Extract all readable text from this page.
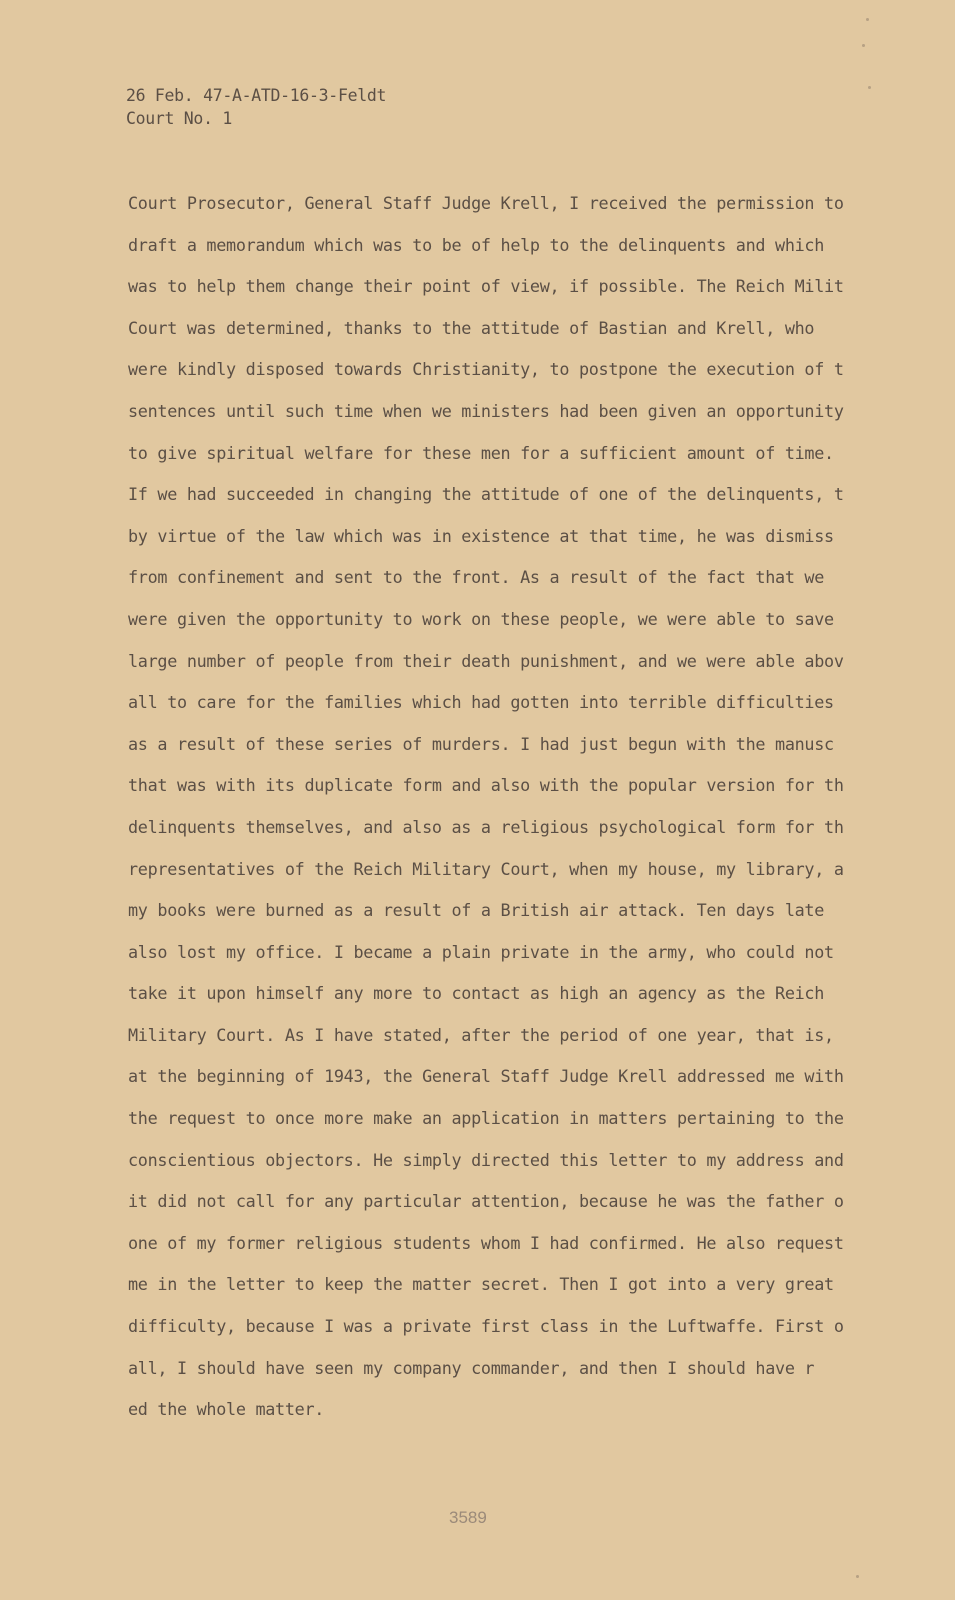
26 Feb. 47-A-ATD-16-3-Feldt
Court No. 1
Court Prosecutor, General Staff Judge Krell, I received the permission to
draft a memorandum which was to be of help to the delinquents and which
was to help them change their point of view, if possible. The Reich Milit
Court was determined, thanks to the attitude of Bastian and Krell, who
were kindly disposed towards Christianity, to postpone the execution of t
sentences until such time when we ministers had been given an opportunity
to give spiritual welfare for these men for a sufficient amount of time.
If we had succeeded in changing the attitude of one of the delinquents, t
by virtue of the law which was in existence at that time, he was dismiss
from confinement and sent to the front. As a result of the fact that we
were given the opportunity to work on these people, we were able to save
large number of people from their death punishment, and we were able abov
all to care for the families which had gotten into terrible difficulties
as a result of these series of murders. I had just begun with the manusc
that was with its duplicate form and also with the popular version for th
delinquents themselves, and also as a religious psychological form for th
representatives of the Reich Military Court, when my house, my library, a
my books were burned as a result of a British air attack. Ten days late
also lost my office. I became a plain private in the army, who could not
take it upon himself any more to contact as high an agency as the Reich
Military Court. As I have stated, after the period of one year, that is,
at the beginning of 1943, the General Staff Judge Krell addressed me with
the request to once more make an application in matters pertaining to the
conscientious objectors. He simply directed this letter to my address and
it did not call for any particular attention, because he was the father o
one of my former religious students whom I had confirmed. He also request
me in the letter to keep the matter secret. Then I got into a very great
difficulty, because I was a private first class in the Luftwaffe. First o
all, I should have seen my company commander, and then I should have r
ed the whole matter.
3589
